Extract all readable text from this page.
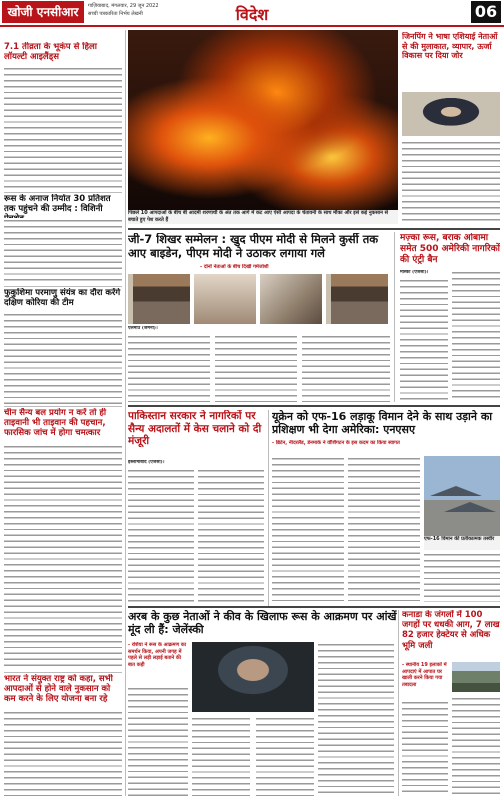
खोजी एनसीआर	गाज़ियाबाद, मंगलवार, 29 जून 2022
सच्ची पत्रकारिता निर्भय लेखनी	विदेश	06
7.1 तीव्रता के भूकंप से हिला लॉयल्टी आइलैंड्स
रूस के अनाज निर्यात 30 प्रतिशत तक पहुंचने की उम्मीद : विशिनी
फुकुशिमा परमाणु संयंत्र का दौरा करेंगे दक्षिण कोरिया की टीम
चीन सैन्य बल प्रयोग न करें तो ही ताइवानी भी ताइवान की पहचान, फारसिक जांच में होगा चमत्कार
भारत ने संयुक्त राष्ट्र को कहा, सभी आपदाओं से होने वाले नुकसान को कम करने के लिए योजना बना रहे
पिछले 10 आपदाओं के बीच बी आदमी शरणार्थी के अंत तक आगे में कट आए ऐसी आपदा के चेतावनी के साथ मौका और इसे कई नुकसान से बचाते हुए पेश करते हैं
जिनपिंग ने भाषा एशियाई नेताओं से की मुलाकात, व्यापार, ऊर्जा विकास पर दिया जोर
जी-7 शिखर सम्मेलन : खुद पीएम मोदी से मिलने कुर्सी तक आए बाइडेन, पीएम मोदी ने उठाकर लगाया गले
- दोनों नेताओं के बीच दिखी गर्मजोशी
एलमाउ (जर्मनी)।
मज़्का रूस, बराक ओबामा समेत 500 अमेरिकी नागरिकों की एंट्री बैन
मास्को (एजेंसी)।
पाकिस्तान सरकार ने नागरिकों पर सैन्य अदालतों में केस चलाने को दी मंजूरी
इस्लामाबाद (एजेंसी)।
यूक्रेन को एफ-16 लड़ाकू विमान देने के साथ उड़ाने का प्रशिक्षण भी देगा अमेरिका: एनएसए
- ब्रिटेन, नीदरलैंड, डेनमार्क ने वॉशिंगटन के इस कदम का किया स्वागत
एफ-16 विमान की प्रतीकात्मक तस्वीर
अरब के कुछ नेताओं ने कीव के खिलाफ रूस के आक्रमण पर आंखें मूंद ली हैं: जेलेंस्की
- रशिया ने रूस के आक्रमण का समर्थन किया, अपनी जगह में पहले से लड़ी लड़ाई बताने की बात कही
कनाडा के जंगलों में 100 जगहों पर धधकी आग, 7 लाख 82 हजार हेक्टेयर से अधिक भूमि जली
- स्थानीय 19 इलाकों में आपदाएं में आपात घर खाली करने किया गया तबादला
